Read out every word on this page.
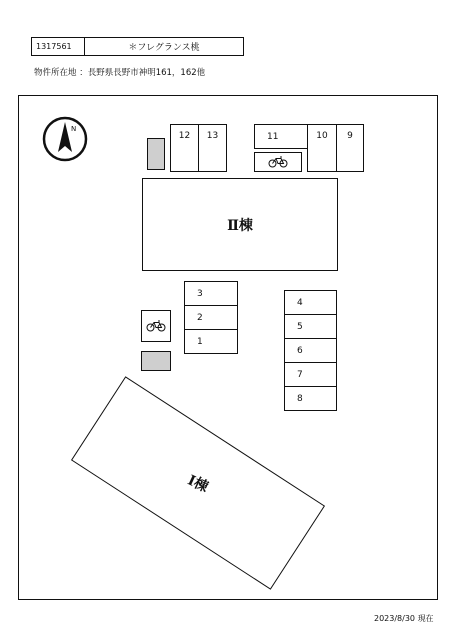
1317561	＊フレグランス桃
物件所在地 ：長野県長野市神明161，162他
N
12 13	11	10 9
Ⅱ棟
3
2
1
4
5
6
7
8
Ⅰ棟
2023/8/30 現在
